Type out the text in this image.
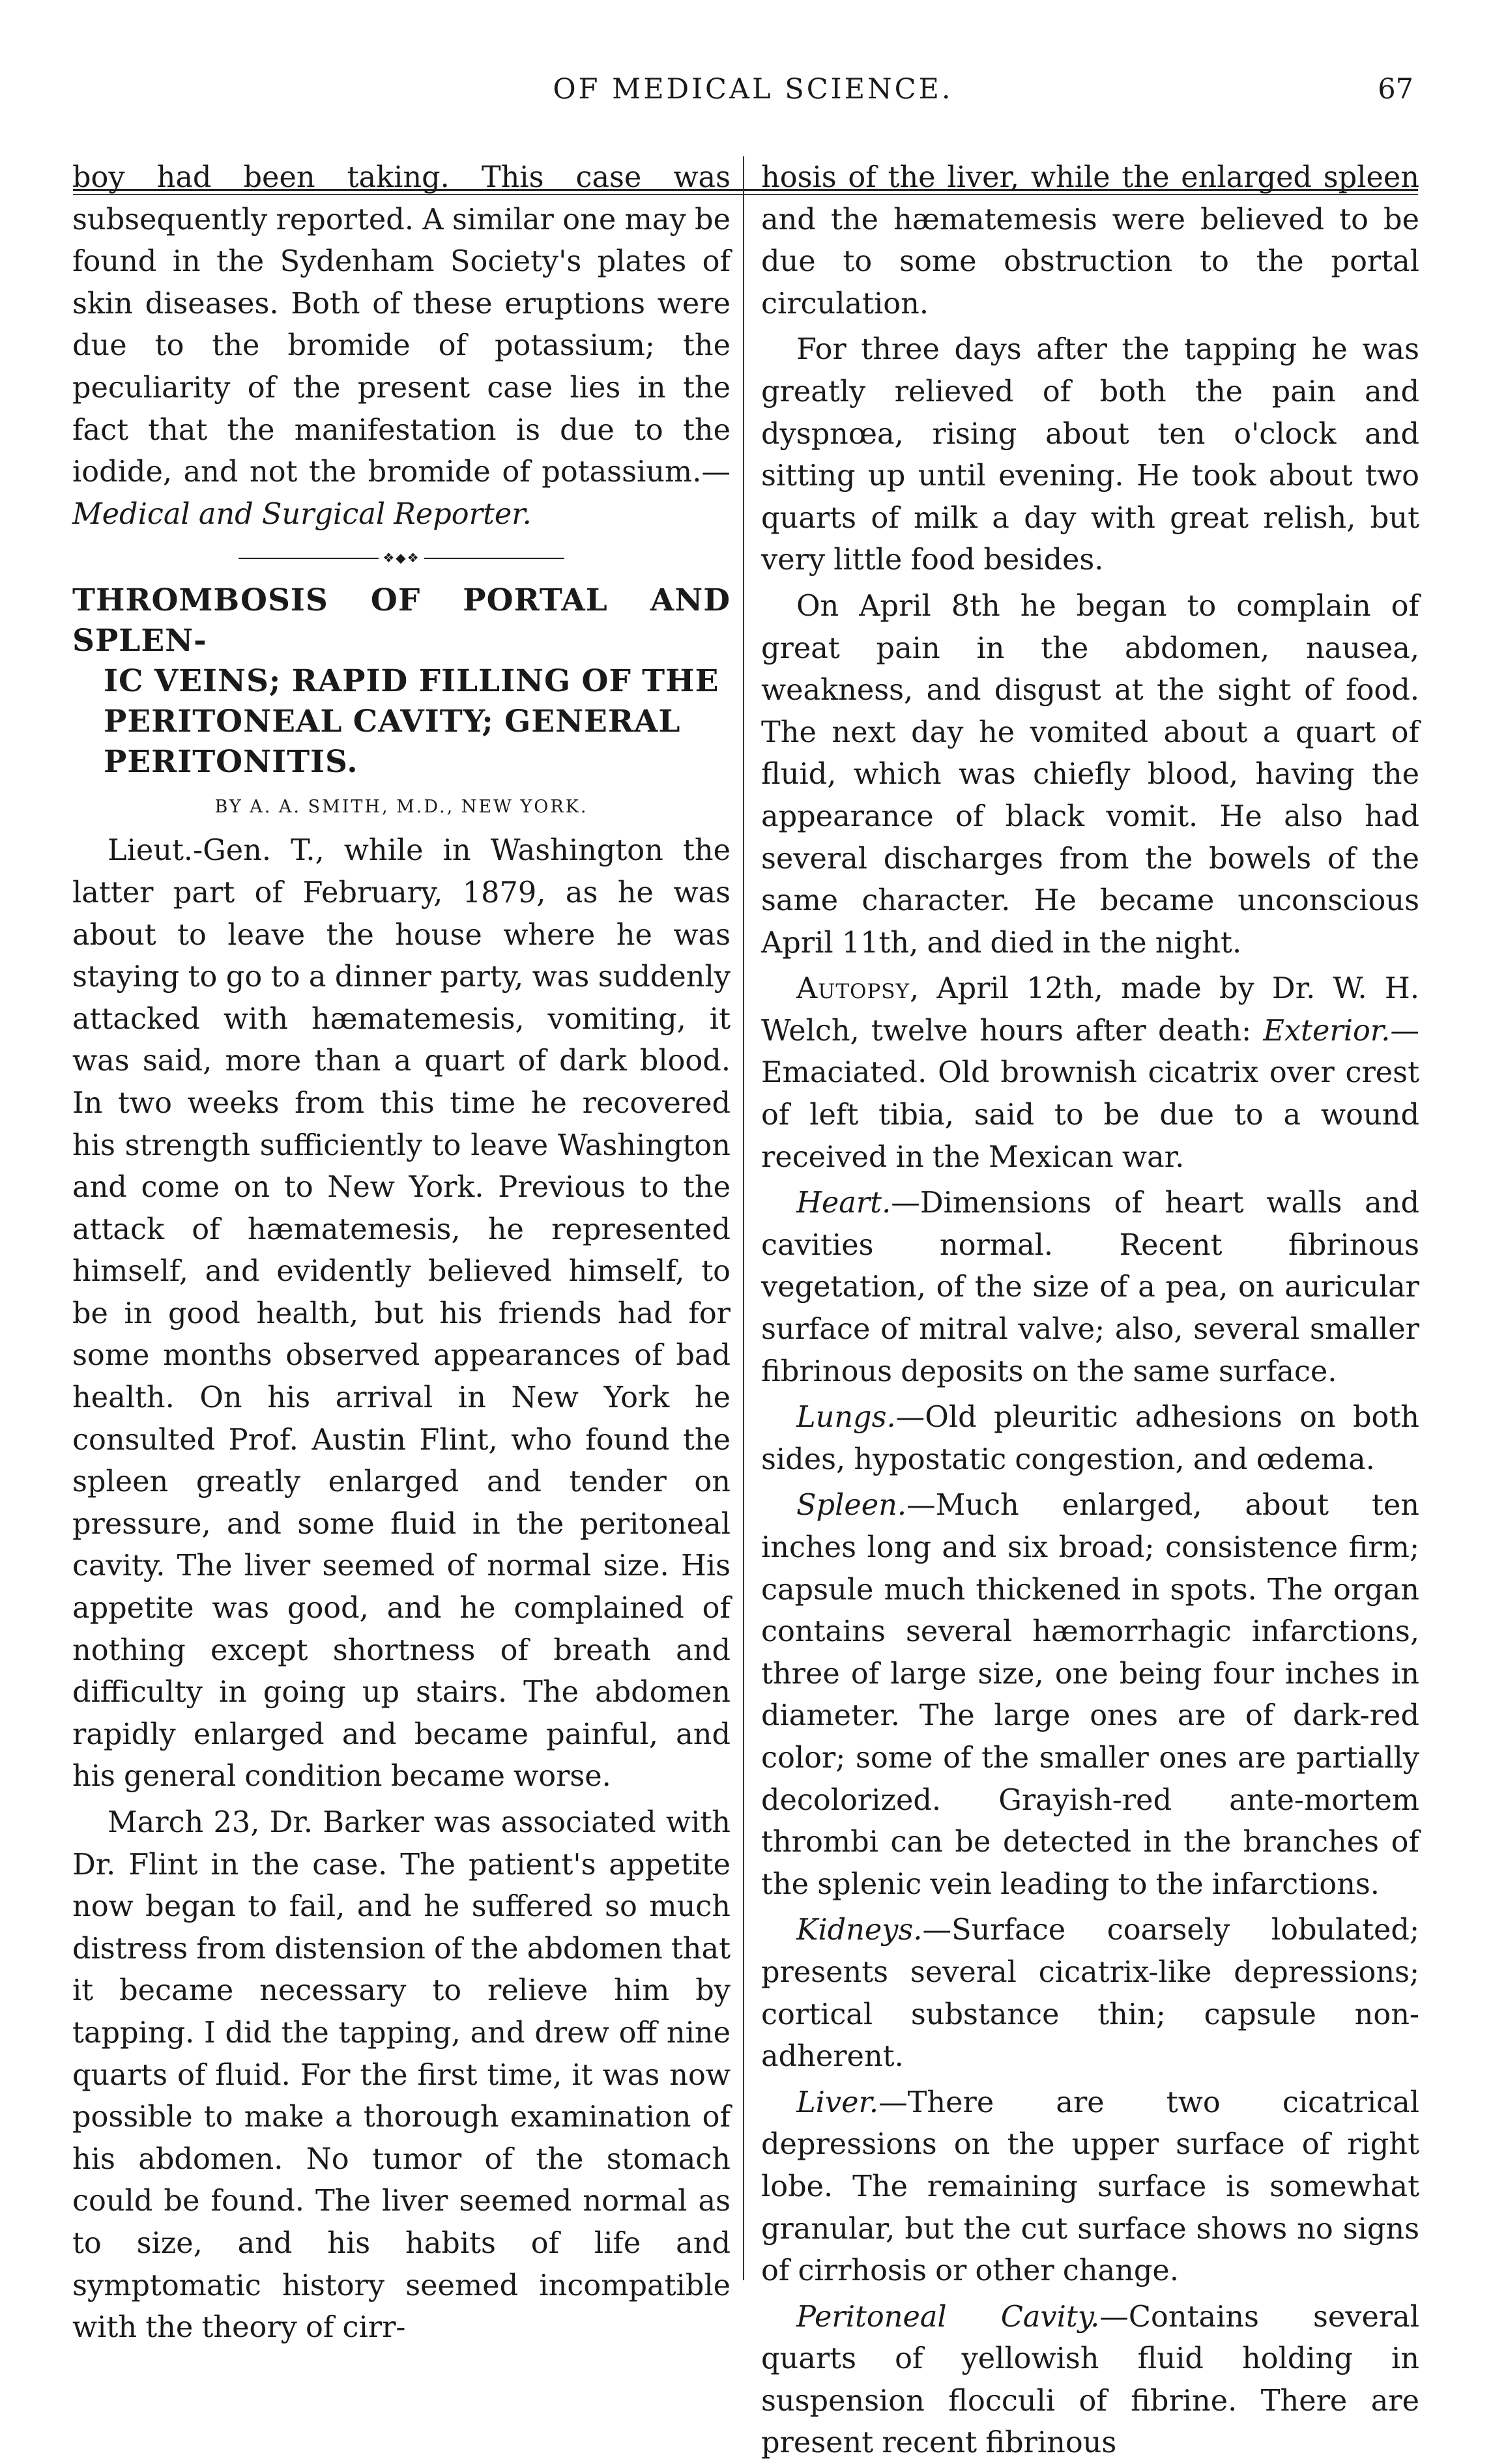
OF MEDICAL SCIENCE.	67

boy had been taking. This case was subsequently reported. A similar one may be found in the Sydenham Society's plates of skin diseases. Both of these eruptions were due to the bromide of potassium; the peculiarity of the present case lies in the fact that the manifestation is due to the iodide, and not the bromide of potassium.—Medical and Surgical Reporter.

❖◆❖
THROMBOSIS OF PORTAL AND SPLEN-
IC VEINS; RAPID FILLING OF THE
PERITONEAL CAVITY; GENERAL
PERITONITIS.
BY A. A. SMITH, M.D., NEW YORK.

Lieut.-Gen. T., while in Washington the latter part of February, 1879, as he was about to leave the house where he was staying to go to a dinner party, was suddenly attacked with hæmatemesis, vomiting, it was said, more than a quart of dark blood. In two weeks from this time he recovered his strength sufficiently to leave Washington and come on to New York. Previous to the attack of hæmatemesis, he represented himself, and evidently believed himself, to be in good health, but his friends had for some months observed appearances of bad health. On his arrival in New York he consulted Prof. Austin Flint, who found the spleen greatly enlarged and tender on pressure, and some fluid in the peritoneal cavity. The liver seemed of normal size. His appetite was good, and he complained of nothing except shortness of breath and difficulty in going up stairs. The abdomen rapidly enlarged and became painful, and his general condition became worse.

March 23, Dr. Barker was associated with Dr. Flint in the case. The patient's appetite now began to fail, and he suffered so much distress from distension of the abdomen that it became necessary to relieve him by tapping. I did the tapping, and drew off nine quarts of fluid. For the first time, it was now possible to make a thorough examination of his abdomen. No tumor of the stomach could be found. The liver seemed normal as to size, and his habits of life and symptomatic history seemed incompatible with the theory of cirr-

hosis of the liver, while the enlarged spleen and the hæmatemesis were believed to be due to some obstruction to the portal circulation.

For three days after the tapping he was greatly relieved of both the pain and dyspnœa, rising about ten o'clock and sitting up until evening. He took about two quarts of milk a day with great relish, but very little food besides.

On April 8th he began to complain of great pain in the abdomen, nausea, weakness, and disgust at the sight of food. The next day he vomited about a quart of fluid, which was chiefly blood, having the appearance of black vomit. He also had several discharges from the bowels of the same character. He became unconscious April 11th, and died in the night.

Autopsy, April 12th, made by Dr. W. H. Welch, twelve hours after death: Exterior.—Emaciated. Old brownish cicatrix over crest of left tibia, said to be due to a wound received in the Mexican war.

Heart.—Dimensions of heart walls and cavities normal. Recent fibrinous vegetation, of the size of a pea, on auricular surface of mitral valve; also, several smaller fibrinous deposits on the same surface.

Lungs.—Old pleuritic adhesions on both sides, hypostatic congestion, and œdema.

Spleen.—Much enlarged, about ten inches long and six broad; consistence firm; capsule much thickened in spots. The organ contains several hæmorrhagic infarctions, three of large size, one being four inches in diameter. The large ones are of dark-red color; some of the smaller ones are partially decolorized. Grayish-red ante-mortem thrombi can be detected in the branches of the splenic vein leading to the infarctions.

Kidneys.—Surface coarsely lobulated; presents several cicatrix-like depressions; cortical substance thin; capsule non-adherent.

Liver.—There are two cicatrical depressions on the upper surface of right lobe. The remaining surface is somewhat granular, but the cut surface shows no signs of cirrhosis or other change.

Peritoneal Cavity.—Contains several quarts of yellowish fluid holding in suspension flocculi of fibrine. There are present recent fibrinous
